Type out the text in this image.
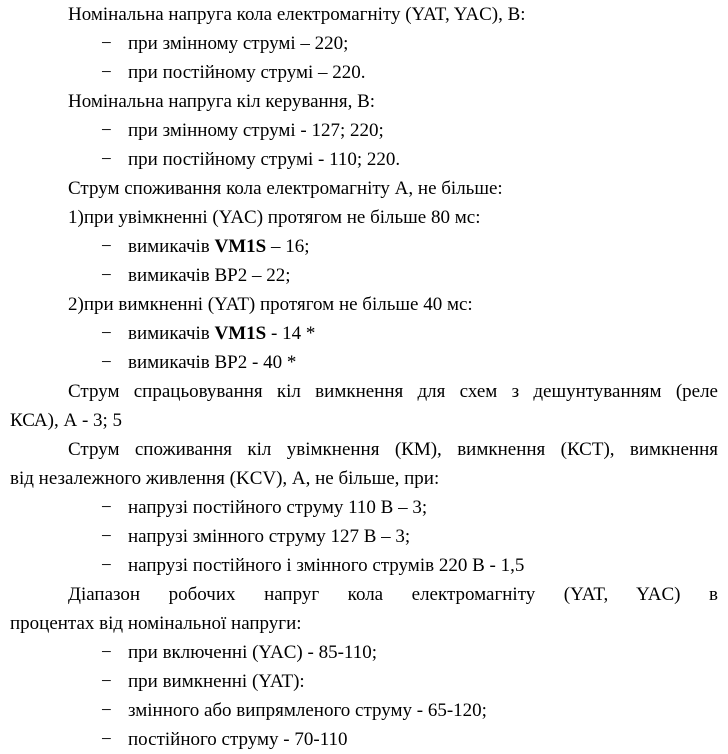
Номінальна напруга кола електромагніту (YAT, YAC), В:
− при змінному струмі – 220;
− при постійному струмі – 220.
Номінальна напруга кіл керування, В:
− при змінному струмі - 127; 220;
− при постійному струмі - 110; 220.
Струм споживання кола електромагніту А, не більше:
1)при увімкненні (YAC) протягом не більше 80 мс:
− вимикачів VM1S – 16;
− вимикачів ВР2 – 22;
2)при вимкненні (YAT) протягом не більше 40 мс:
− вимикачів VM1S - 14 *
− вимикачів ВР2 - 40 *
Струм спрацьовування кіл вимкнення для схем з дешунтуванням (реле
КСА), А - 3; 5
Струм споживання кіл увімкнення (КМ), вимкнення (КСТ), вимкнення
від незалежного живлення (KCV), А, не більше, при:
− напрузі постійного струму 110 В – 3;
− напрузі змінного струму 127 В – 3;
− напрузі постійного і змінного струмів 220 В - 1,5
Діапазон робочих напруг кола електромагніту (YAT, YAC) в
процентах від номінальної напруги:
− при включенні (YAC) - 85-110;
− при вимкненні (YAT):
− змінного або випрямленого струму - 65-120;
− постійного струму - 70-110
